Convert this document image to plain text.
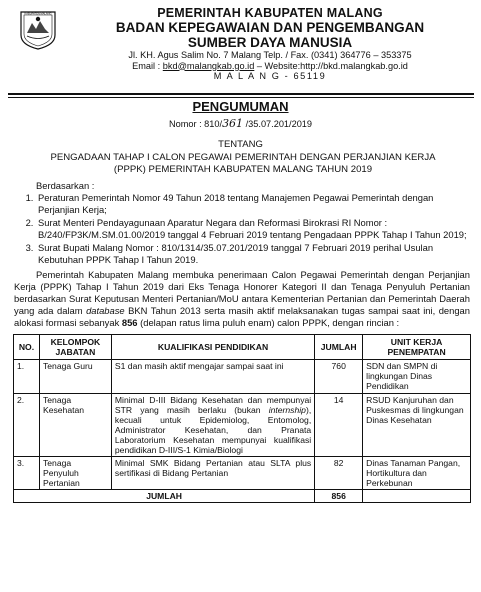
KABUPATEN MALANG	PEMERINTAH KABUPATEN MALANG
BADAN KEPEGAWAIAN DAN PENGEMBANGAN
SUMBER DAYA MANUSIA
Jl. KH. Agus Salim No. 7 Malang Telp. / Fax. (0341) 364776 – 353375
Email : bkd@malangkab.go.id – Website:http://bkd.malangkab.go.id
M A L A N G - 65119
PENGUMUMAN
Nomor : 810/361 /35.07.201/2019
TENTANG
PENGADAAN TAHAP I CALON PEGAWAI PEMERINTAH DENGAN PERJANJIAN KERJA
(PPPK) PEMERINTAH KABUPATEN MALANG TAHUN 2019

Berdasarkan :

1. Peraturan Pemerintah Nomor 49 Tahun 2018 tentang Manajemen Pegawai Pemerintah dengan Perjanjian Kerja;
2. Surat Menteri Pendayagunaan Aparatur Negara dan Reformasi Birokrasi RI Nomor : B/240/FP3K/M.SM.01.00/2019 tanggal 4 Februari 2019 tentang Pengadaan PPPK Tahap I Tahun 2019;
3. Surat Bupati Malang Nomor : 810/1314/35.07.201/2019 tanggal 7 Februari 2019 perihal Usulan Kebutuhan PPPK Tahap I Tahun 2019.

Pemerintah Kabupaten Malang membuka penerimaan Calon Pegawai Pemerintah dengan Perjanjian Kerja (PPPK) Tahap I Tahun 2019 dari Eks Tenaga Honorer Kategori II dan Tenaga Penyuluh Pertanian berdasarkan Surat Keputusan Menteri Pertanian/MoU antara Kementerian Pertanian dan Pemerintah Daerah yang ada dalam database BKN Tahun 2013 serta masih aktif melaksanakan tugas sampai saat ini, dengan alokasi formasi sebanyak 856 (delapan ratus lima puluh enam) calon PPPK, dengan rincian :

NO.	KELOMPOK JABATAN	KUALIFIKASI PENDIDIKAN	JUMLAH	UNIT KERJA PENEMPATAN
1.	Tenaga Guru	S1 dan masih aktif mengajar sampai saat ini	760	SDN dan SMPN di lingkungan Dinas Pendidikan
2.	Tenaga Kesehatan	Minimal D-III Bidang Kesehatan dan mempunyai STR yang masih berlaku (bukan internship), kecuali untuk Epidemiolog, Entomolog, Administrator Kesehatan, dan Pranata Laboratorium Kesehatan mempunyai kualifikasi pendidikan D-III/S-1 Kimia/Biologi	14	RSUD Kanjuruhan dan Puskesmas di lingkungan Dinas Kesehatan
3.	Tenaga Penyuluh Pertanian	Minimal SMK Bidang Pertanian atau SLTA plus sertifikasi di Bidang Pertanian	82	Dinas Tanaman Pangan, Hortikultura dan Perkebunan
JUMLAH			856	
